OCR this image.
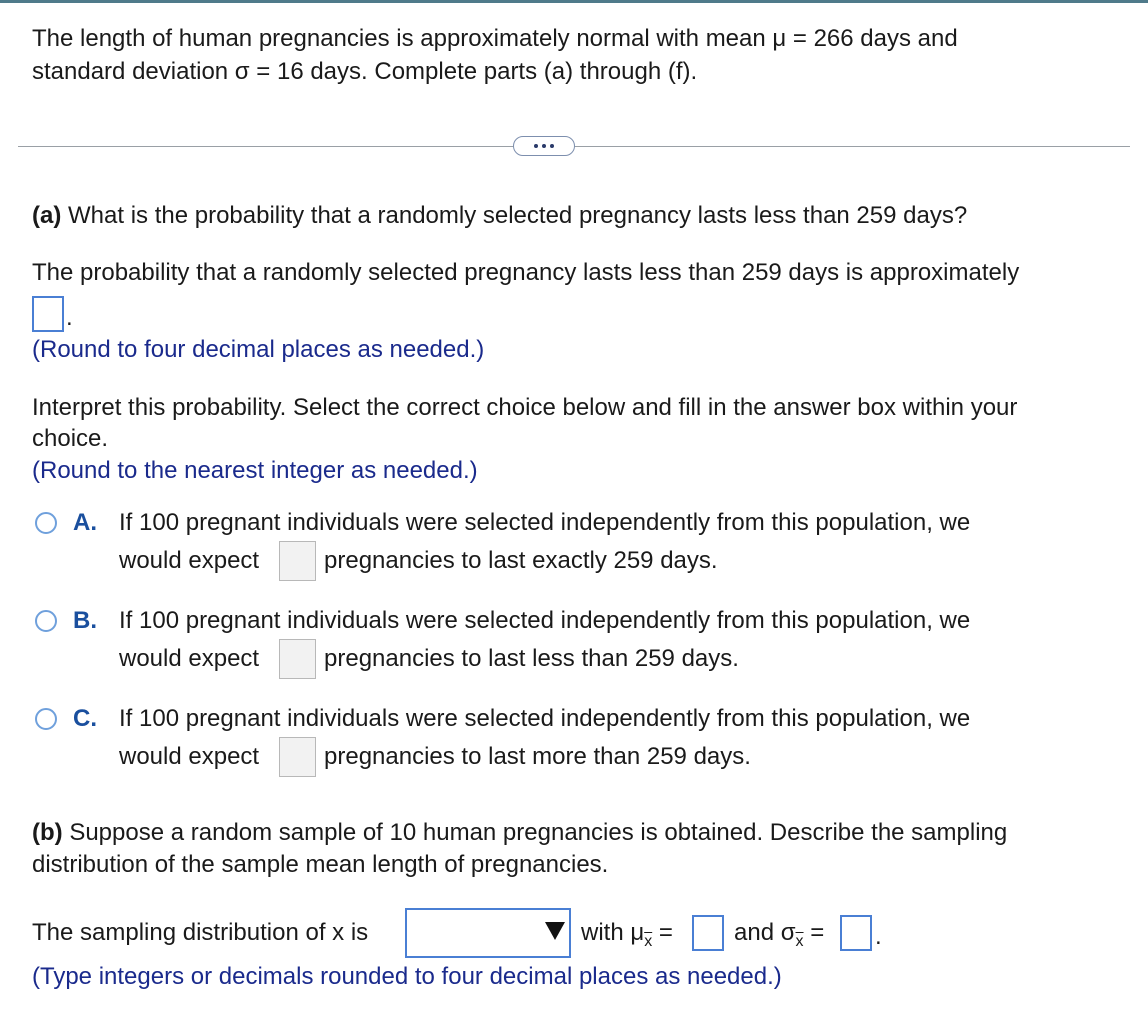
The length of human pregnancies is approximately normal with mean μ = 266 days and
standard deviation σ = 16 days. Complete parts (a) through (f).
(a) What is the probability that a randomly selected pregnancy lasts less than 259 days?
The probability that a randomly selected pregnancy lasts less than 259 days is approximately
.
(Round to four decimal places as needed.)
Interpret this probability. Select the correct choice below and fill in the answer box within your
choice.
(Round to the nearest integer as needed.)
A. If 100 pregnant individuals were selected independently from this population, we
would expect	pregnancies to last exactly 259 days.
B. If 100 pregnant individuals were selected independently from this population, we
would expect	pregnancies to last less than 259 days.
C. If 100 pregnant individuals were selected independently from this population, we
would expect	pregnancies to last more than 259 days.
(b) Suppose a random sample of 10 human pregnancies is obtained. Describe the sampling
distribution of the sample mean length of pregnancies.
The sampling distribution of x is	with $\mu_{\overline{x}}$ =	and $\sigma_{\overline{x}}$ = .
(Type integers or decimals rounded to four decimal places as needed.)
